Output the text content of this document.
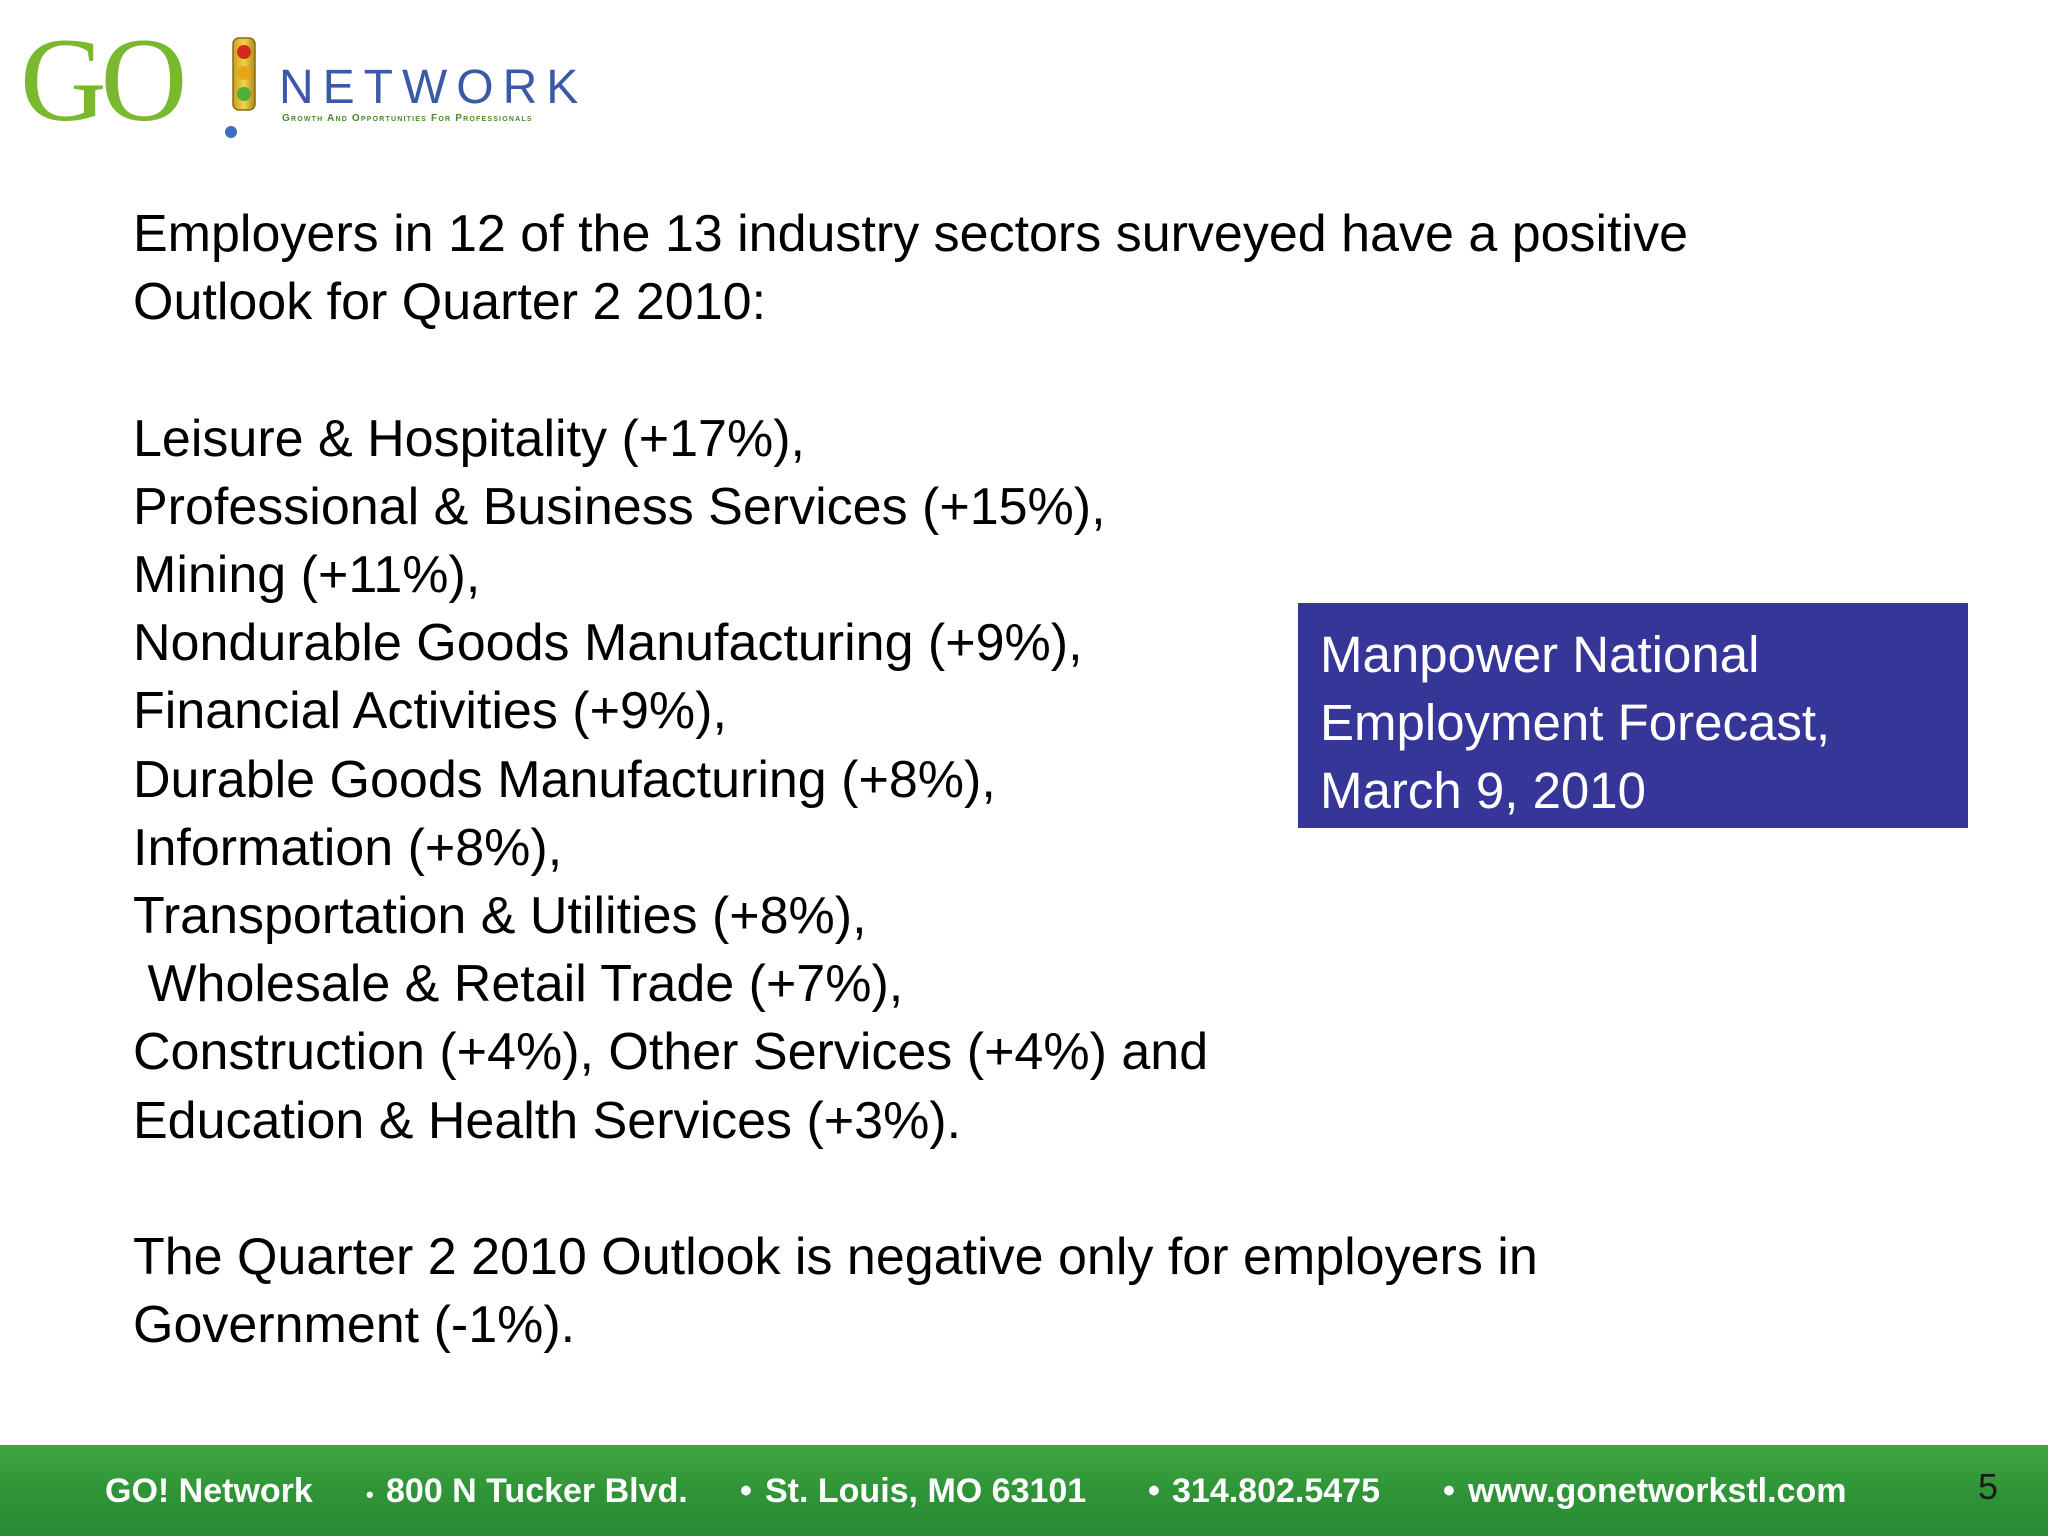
GO NETWORK
Growth And Opportunities For Professionals

Employers in 12 of the 13 industry sectors surveyed have a positive

Outlook for Quarter 2 2010:

Leisure & Hospitality (+17%),

Professional & Business Services (+15%),

Mining (+11%),

Nondurable Goods Manufacturing (+9%),

Financial Activities (+9%),

Durable Goods Manufacturing (+8%),

Information (+8%),

Transportation & Utilities (+8%),

Wholesale & Retail Trade (+7%),

Construction (+4%), Other Services (+4%) and

Education & Health Services (+3%).

The Quarter 2 2010 Outlook is negative only for employers in

Government (-1%).

Manpower National

Employment Forecast,

March 9, 2010

GO! Network • 800 N Tucker Blvd. • St. Louis, MO 63101 • 314.802.5475 • www.gonetworkstl.com	5
